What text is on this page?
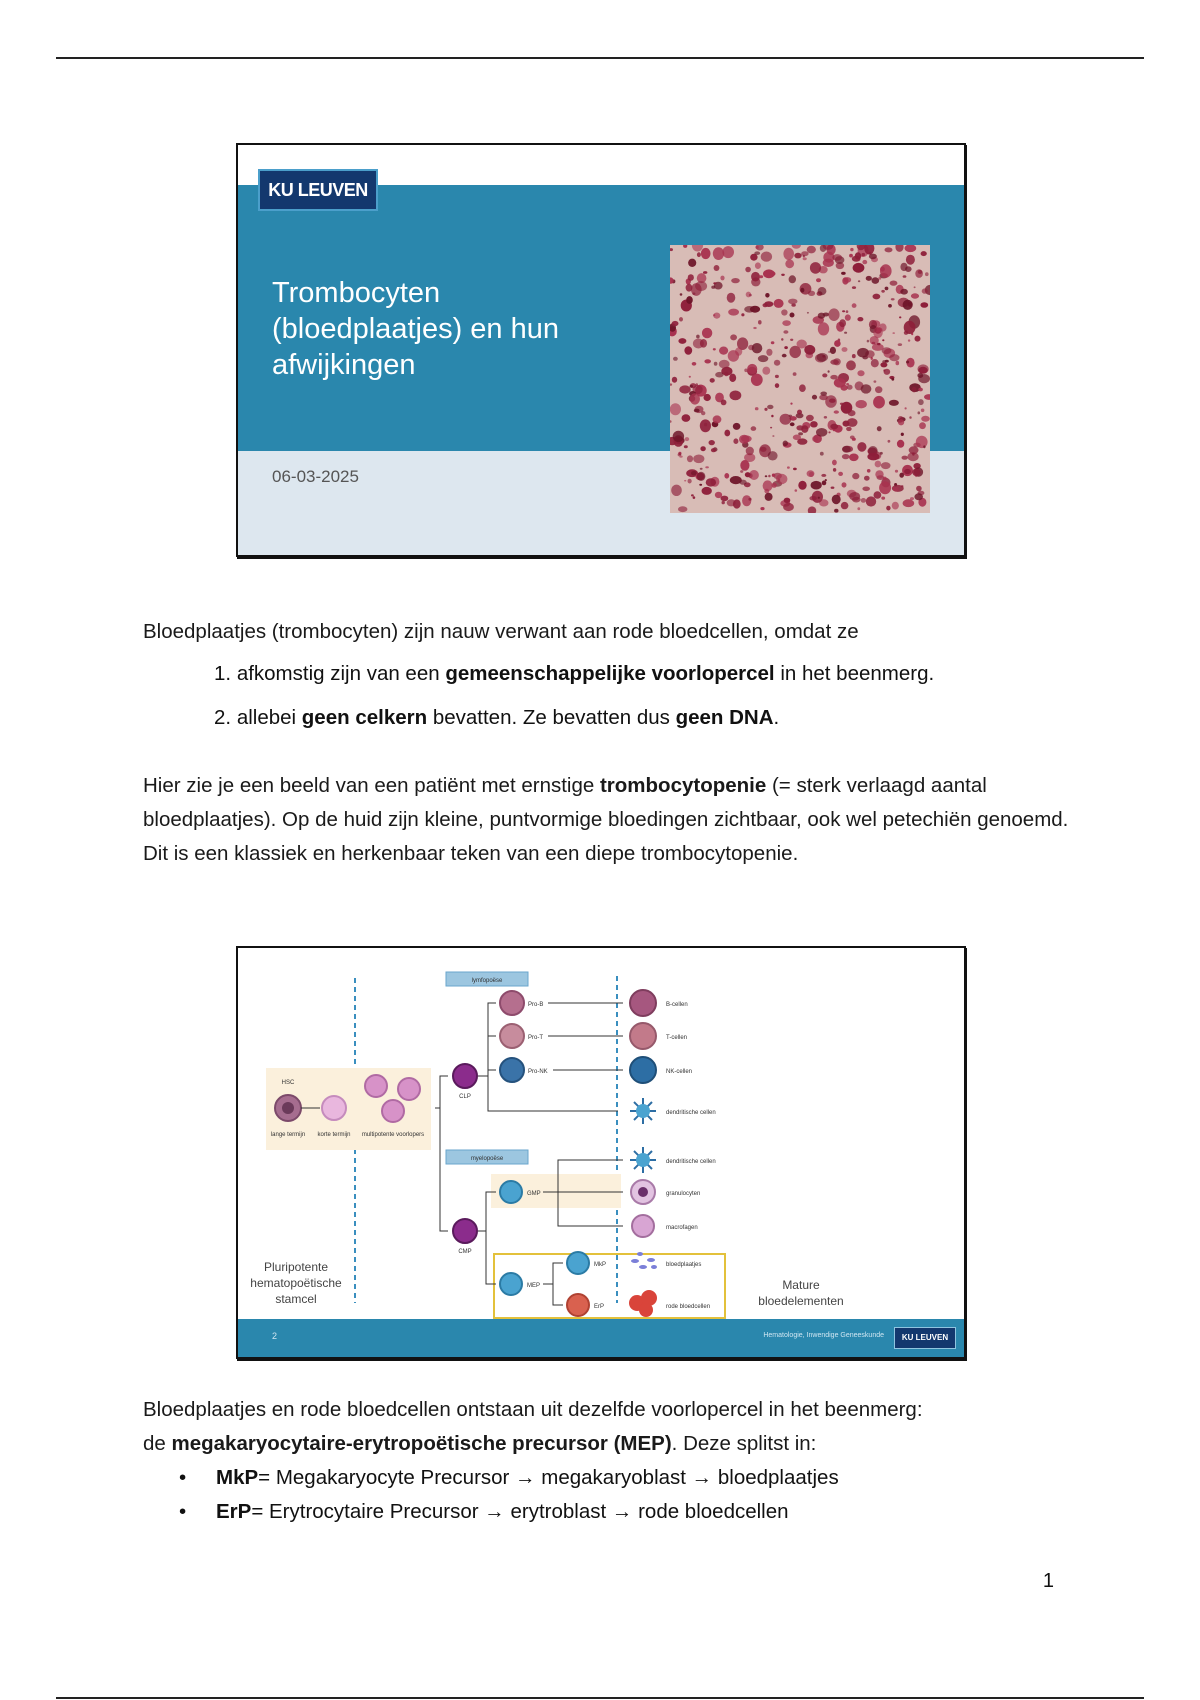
KU LEUVEN
Trombocyten
(bloedplaatjes) en hun
afwijkingen
06-03-2025
Bloedplaatjes (trombocyten) zijn nauw verwant aan rode bloedcellen, omdat ze
1. afkomstig zijn van een gemeenschappelijke voorlopercel in het beenmerg.
2. allebei geen celkern bevatten. Ze bevatten dus geen DNA.
Hier zie je een beeld van een patiënt met ernstige trombocytopenie (= sterk verlaagd aantal bloedplaatjes). Op de huid zijn kleine, puntvormige bloedingen zichtbaar, ook wel petechiën genoemd. Dit is een klassiek en herkenbaar teken van een diepe trombocytopenie.
lymfopoëse
myelopoëse
HSC
lange termijn korte termijn multipotente voorlopers
CLP
CMP
Pro-B
Pro-T
Pro-NK
GMP
MEP
MkP
ErP
B-cellen
T-cellen
NK-cellen
dendritische cellen
dendritische cellen
granulocyten
macrofagen
bloedplaatjes
rode bloedcellen
Pluripotente
hematopoëtische
stamcel
Mature
bloedelementen
2	Hematologie, Inwendige Geneeskunde	KU LEUVEN
Bloedplaatjes en rode bloedcellen ontstaan uit dezelfde voorlopercel in het beenmerg:
de megakaryocytaire-erytropoëtische precursor (MEP). Deze splitst in:
• MkP= Megakaryocyte Precursor → megakaryoblast → bloedplaatjes
• ErP= Erytrocytaire Precursor → erytroblast → rode bloedcellen
1
